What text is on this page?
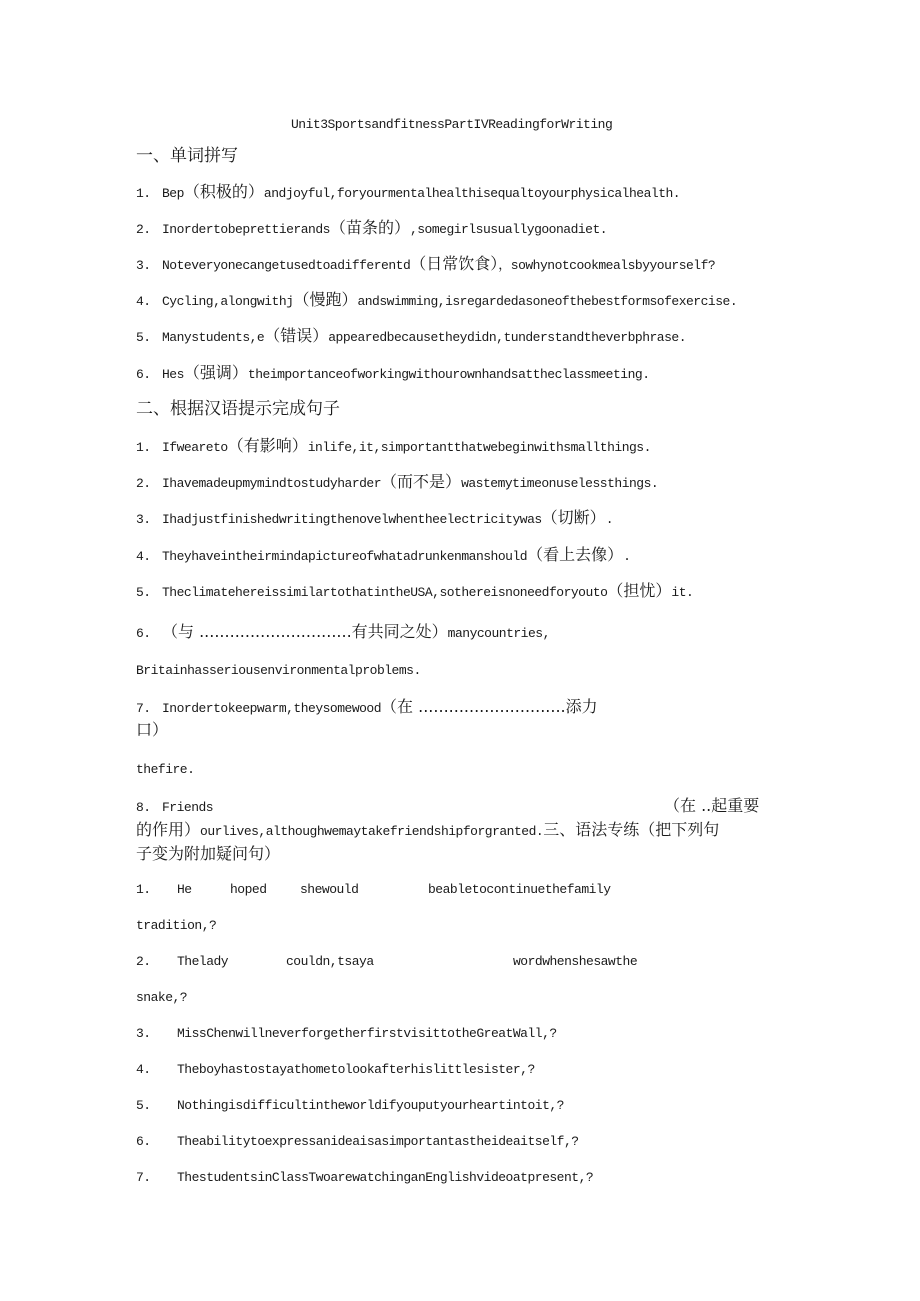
Unit3SportsandfitnessPartIVReadingforWriting
一、单词拼写
1. Bep（积极的）andjoyful,foryourmentalhealthisequaltoyourphysicalhealth.
2. Inordertobeprettierands（苗条的）,somegirlsusuallygoonadiet.
3. Noteveryonecangetusedtoadifferentd（日常饮食），sowhynotcookmealsbyyourself?
4. Cycling,alongwithj（慢跑）andswimming,isregardedasoneofthebestformsofexercise.
5. Manystudents,e（错误）appearedbecausetheydidn,tunderstandtheverbphrase.
6. Hes（强调）theimportanceofworkingwithourownhandsattheclassmeeting.
二、根据汉语提示完成句子
1. Ifweareto（有影响）inlife,it,simportantthatwebeginwithsmallthings.
2. Ihavemadeupmymindtostudyharder（而不是）wastemytimeonuselessthings.
3. Ihadjustfinishedwritingthenovelwhentheelectricitywas（切断）.
4. Theyhaveintheirmindapictureofwhatadrunkenmanshould（看上去像）.
5. TheclimatehereissimilartothatintheUSA,sothereisnoneedforyouto（担忧）it.
6. （与 ..............................有共同之处）manycountries,
Britainhasseriousenvironmentalproblems.
7. Inordertokeepwarm,theysomewood（在 .............................添力
口）
thefire.
8. Friends	（在 ..起重要
的作用）ourlives,althoughwemaytakefriendshipforgranted.三、语法专练（把下列句
子变为附加疑问句）
1. He	hoped	shewould	beabletocontinuethefamily
tradition,?
2. Thelady	couldn,tsaya	wordwhenshesawthe
snake,?
3. MissChenwillneverforgetherfirstvisittotheGreatWall,?
4. Theboyhastostayathometolookafterhislittlesister,?
5. Nothingisdifficultintheworldifyouputyourheartintoit,?
6. Theabilitytoexpressanideaisasimportantastheideaitself,?
7. ThestudentsinClassTwoarewatchinganEnglishvideoatpresent,?
